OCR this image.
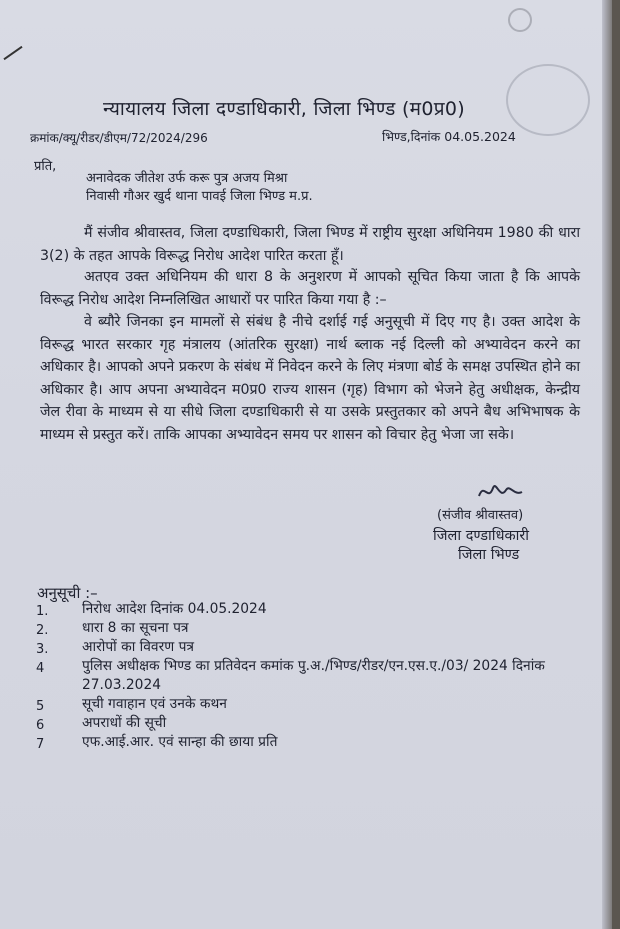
न्यायालय जिला दण्डाधिकारी, जिला भिण्ड (म0प्र0)
क्रमांक/क्यू/रीडर/डीएम/72/2024/296	भिण्ड,दिनांक 04.05.2024
प्रति,
अनावेदक जीतेश उर्फ करू पुत्र अजय मिश्रा
निवासी गौअर खुर्द थाना पावई जिला भिण्ड म.प्र.
मैं संजीव श्रीवास्तव, जिला दण्डाधिकारी, जिला भिण्ड में राष्ट्रीय सुरक्षा अधिनियम 1980 की धारा 3(2) के तहत आपके विरूद्ध निरोध आदेश पारित करता हूँ।
अतएव उक्त अधिनियम की धारा 8 के अनुशरण में आपको सूचित किया जाता है कि आपके विरूद्ध निरोध आदेश निम्नलिखित आधारों पर पारित किया गया है :–
वे ब्यौरे जिनका इन मामलों से संबंध है नीचे दर्शाई गई अनुसूची में दिए गए है। उक्त आदेश के विरूद्ध भारत सरकार गृह मंत्रालय (आंतरिक सुरक्षा) नार्थ ब्लाक नई दिल्ली को अभ्यावेदन करने का अधिकार है। आपको अपने प्रकरण के संबंध में निवेदन करने के लिए मंत्रणा बोर्ड के समक्ष उपस्थित होने का अधिकार है। आप अपना अभ्यावेदन म0प्र0 राज्य शासन (गृह) विभाग को भेजने हेतु अधीक्षक, केन्द्रीय जेल रीवा के माध्यम से या सीधे जिला दण्डाधिकारी से या उसके प्रस्तुतकार को अपने बैध अभिभाषक के माध्यम से प्रस्तुत करें। ताकि आपका अभ्यावेदन समय पर शासन को विचार हेतु भेजा जा सके।
(संजीव श्रीवास्तव)
जिला दण्डाधिकारी
जिला भिण्ड
अनुसूची :–
1. निरोध आदेश दिनांक 04.05.2024
2. धारा 8 का सूचना पत्र
3. आरोपों का विवरण पत्र
4	पुलिस अधीक्षक भिण्ड का प्रतिवेदन कमांक पु.अ./भिण्ड/रीडर/एन.एस.ए./03/ 2024 दिनांक 27.03.2024
5	सूची गवाहान एवं उनके कथन
6	अपराधों की सूची
7	एफ.आई.आर. एवं सान्हा की छाया प्रति
